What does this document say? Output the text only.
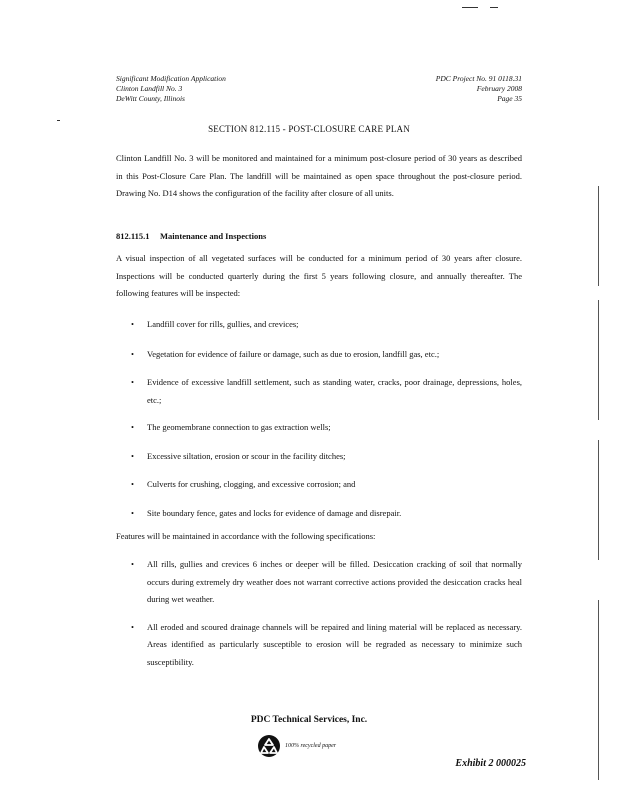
Significant Modification Application
Clinton Landfill No. 3
DeWitt County, Illinois
PDC Project No. 91 0118.31
February 2008
Page 35
SECTION 812.115 - POST-CLOSURE CARE PLAN

Clinton Landfill No. 3 will be monitored and maintained for a minimum post-closure period of 30 years as described in this Post-Closure Care Plan. The landfill will be maintained as open space throughout the post-closure period. Drawing No. D14 shows the configuration of the facility after closure of all units.

812.115.1 Maintenance and Inspections

A visual inspection of all vegetated surfaces will be conducted for a minimum period of 30 years after closure. Inspections will be conducted quarterly during the first 5 years following closure, and annually thereafter. The following features will be inspected:

• Landfill cover for rills, gullies, and crevices;
• Vegetation for evidence of failure or damage, such as due to erosion, landfill gas, etc.;
• Evidence of excessive landfill settlement, such as standing water, cracks, poor drainage, depressions, holes, etc.;
• The geomembrane connection to gas extraction wells;
• Excessive siltation, erosion or scour in the facility ditches;
• Culverts for crushing, clogging, and excessive corrosion; and
• Site boundary fence, gates and locks for evidence of damage and disrepair.

Features will be maintained in accordance with the following specifications:

• All rills, gullies and crevices 6 inches or deeper will be filled. Desiccation cracking of soil that normally occurs during extremely dry weather does not warrant corrective actions provided the desiccation cracks heal during wet weather.
• All eroded and scoured drainage channels will be repaired and lining material will be replaced as necessary. Areas identified as particularly susceptible to erosion will be regraded as necessary to minimize such susceptibility.
PDC Technical Services, Inc.
100% recycled paper
Exhibit 2 000025
